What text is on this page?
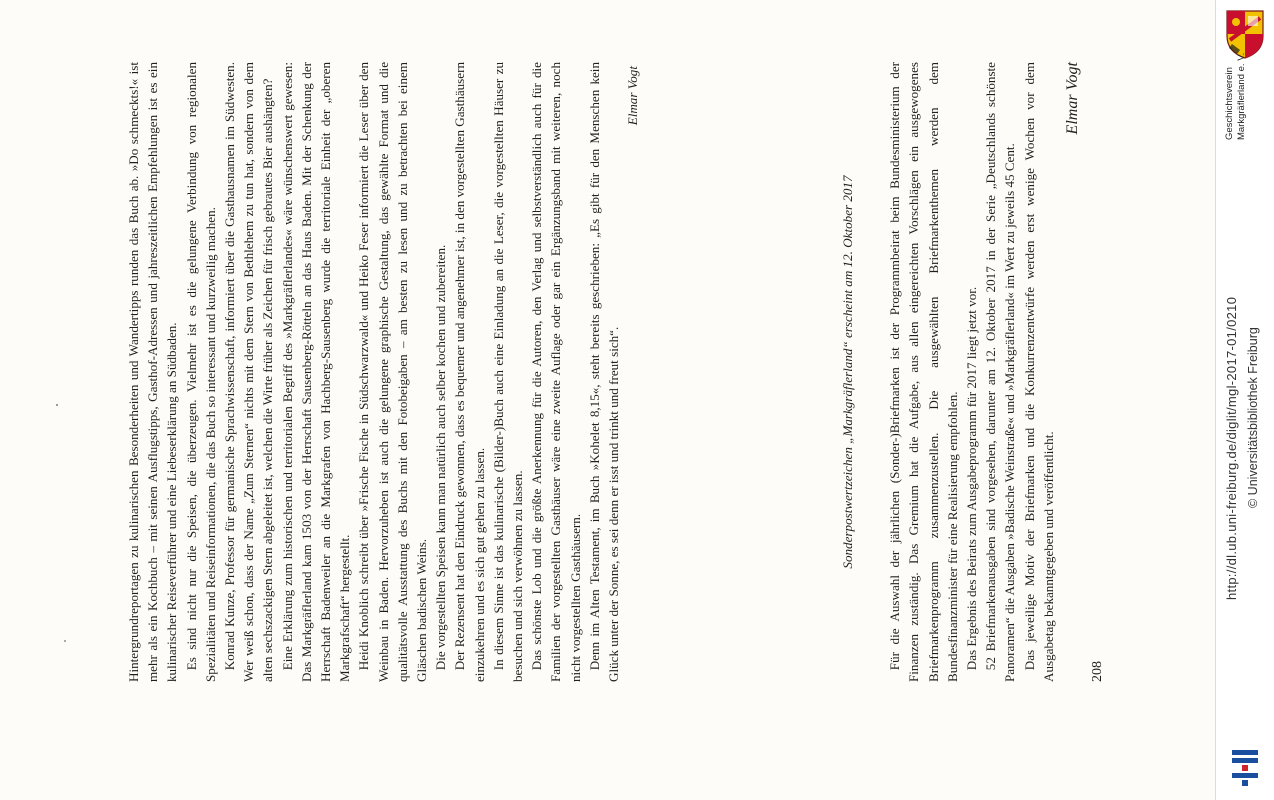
Hintergrundreportagen zu kulinarischen Besonderheiten und Wandertipps runden das Buch ab. »Do schmeckts!« ist mehr als ein Kochbuch – mit seinen Ausflugstipps, Gasthof-Adressen und jahreszeitlichen Empfehlungen ist es ein kulinarischer Reiseverführer und eine Liebeserklärung an Südbaden. Es sind nicht nur die Speisen, die überzeugen. Vielmehr ist es die gelungene Verbindung von regionalen Spezialitäten und Reiseinformationen, die das Buch so interessant und kurzweilig machen. Konrad Kunze, Professor für germanische Sprachwissenschaft, informiert über die Gasthausnamen im Südwesten. Wer weiß schon, dass der Name „Zum Sternen“ nichts mit dem Stern von Bethlehem zu tun hat, sondern von dem alten sechszackigen Stern abgeleitet ist, welchen die Wirte früher als Zeichen für frisch gebrautes Bier aushängten? Eine Erklärung zum historischen und territorialen Begriff des »Markgräflerlandes« wäre wünschenswert gewesen: Das Markgräflerland kam 1503 von der Herrschaft Sausenberg-Rötteln an das Haus Baden. Mit der Schenkung der Herrschaft Badenweiler an die Markgrafen von Hachberg-Sausenberg wurde die territoriale Einheit der „oberen Markgrafschaft“ hergestellt. Heidi Knoblich schreibt über »Frische Fische in Südschwarzwald« und Heiko Feser informiert die Leser über den Weinbau in Baden. Hervorzuheben ist auch die gelungene graphische Gestaltung, das gewählte Format und die qualitätsvolle Ausstattung des Buchs mit den Fotobeigaben – am besten zu lesen und zu betrachten bei einem Gläschen badischen Weins. Die vorgestellten Speisen kann man natürlich auch selber kochen und zubereiten. Der Rezensent hat den Eindruck gewonnen, dass es bequemer und angenehmer ist, in den vorgestellten Gasthäusern einzukehren und es sich gut gehen zu lassen. In diesem Sinne ist das kulinarische (Bilder-)Buch auch eine Einladung an die Leser, die vorgestellten Häuser zu besuchen und sich verwöhnen zu lassen. Das schönste Lob und die größte Anerkennung für die Autoren, den Verlag und selbstverständlich auch für die Familien der vorgestellten Gasthäuser wäre eine zweite Auflage oder gar ein Ergänzungsband mit weiteren, noch nicht vorgestellten Gasthäusern. Denn im Alten Testament, im Buch »Kohelet 8,15«, steht bereits geschrieben: „Es gibt für den Menschen kein Glück unter der Sonne, es sei denn er isst und trinkt und freut sich“.

Elmar Vogt

Sonderpostwertzeichen „Markgräflerland“ erscheint am 12. Oktober 2017 Für die Auswahl der jährlichen (Sonder-)Briefmarken ist der Programmbeirat beim Bundesministerium der Finanzen zuständig. Das Gremium hat die Aufgabe, aus allen eingereichten Vorschlägen ein ausgewogenes Briefmarkenprogramm zusammenzustellen. Die ausgewählten Briefmarkenthemen werden dem Bundesfinanzminister für eine Realisierung empfohlen. Das Ergebnis des Beirats zum Ausgabeprogramm für 2017 liegt jetzt vor. 52 Briefmarkenausgaben sind vorgesehen, darunter am 12. Oktober 2017 in der Serie „Deutschlands schönste Panoramen“ die Ausgaben »Badische Weinstraße« und »Markgräflerland« im Wert zu jeweils 45 Cent. Das jeweilige Motiv der Briefmarken und die Konkurrenzentwürfe werden erst wenige Wochen vor dem Ausgabetag bekanntgegeben und veröffentlicht.

Elmar Vogt
208
http://dl.ub.uni-freiburg.de/diglit/mgl-2017-01/0210 © Universitätsbibliothek Freiburg
Geschichtsverein Markgräflerland e. V.
